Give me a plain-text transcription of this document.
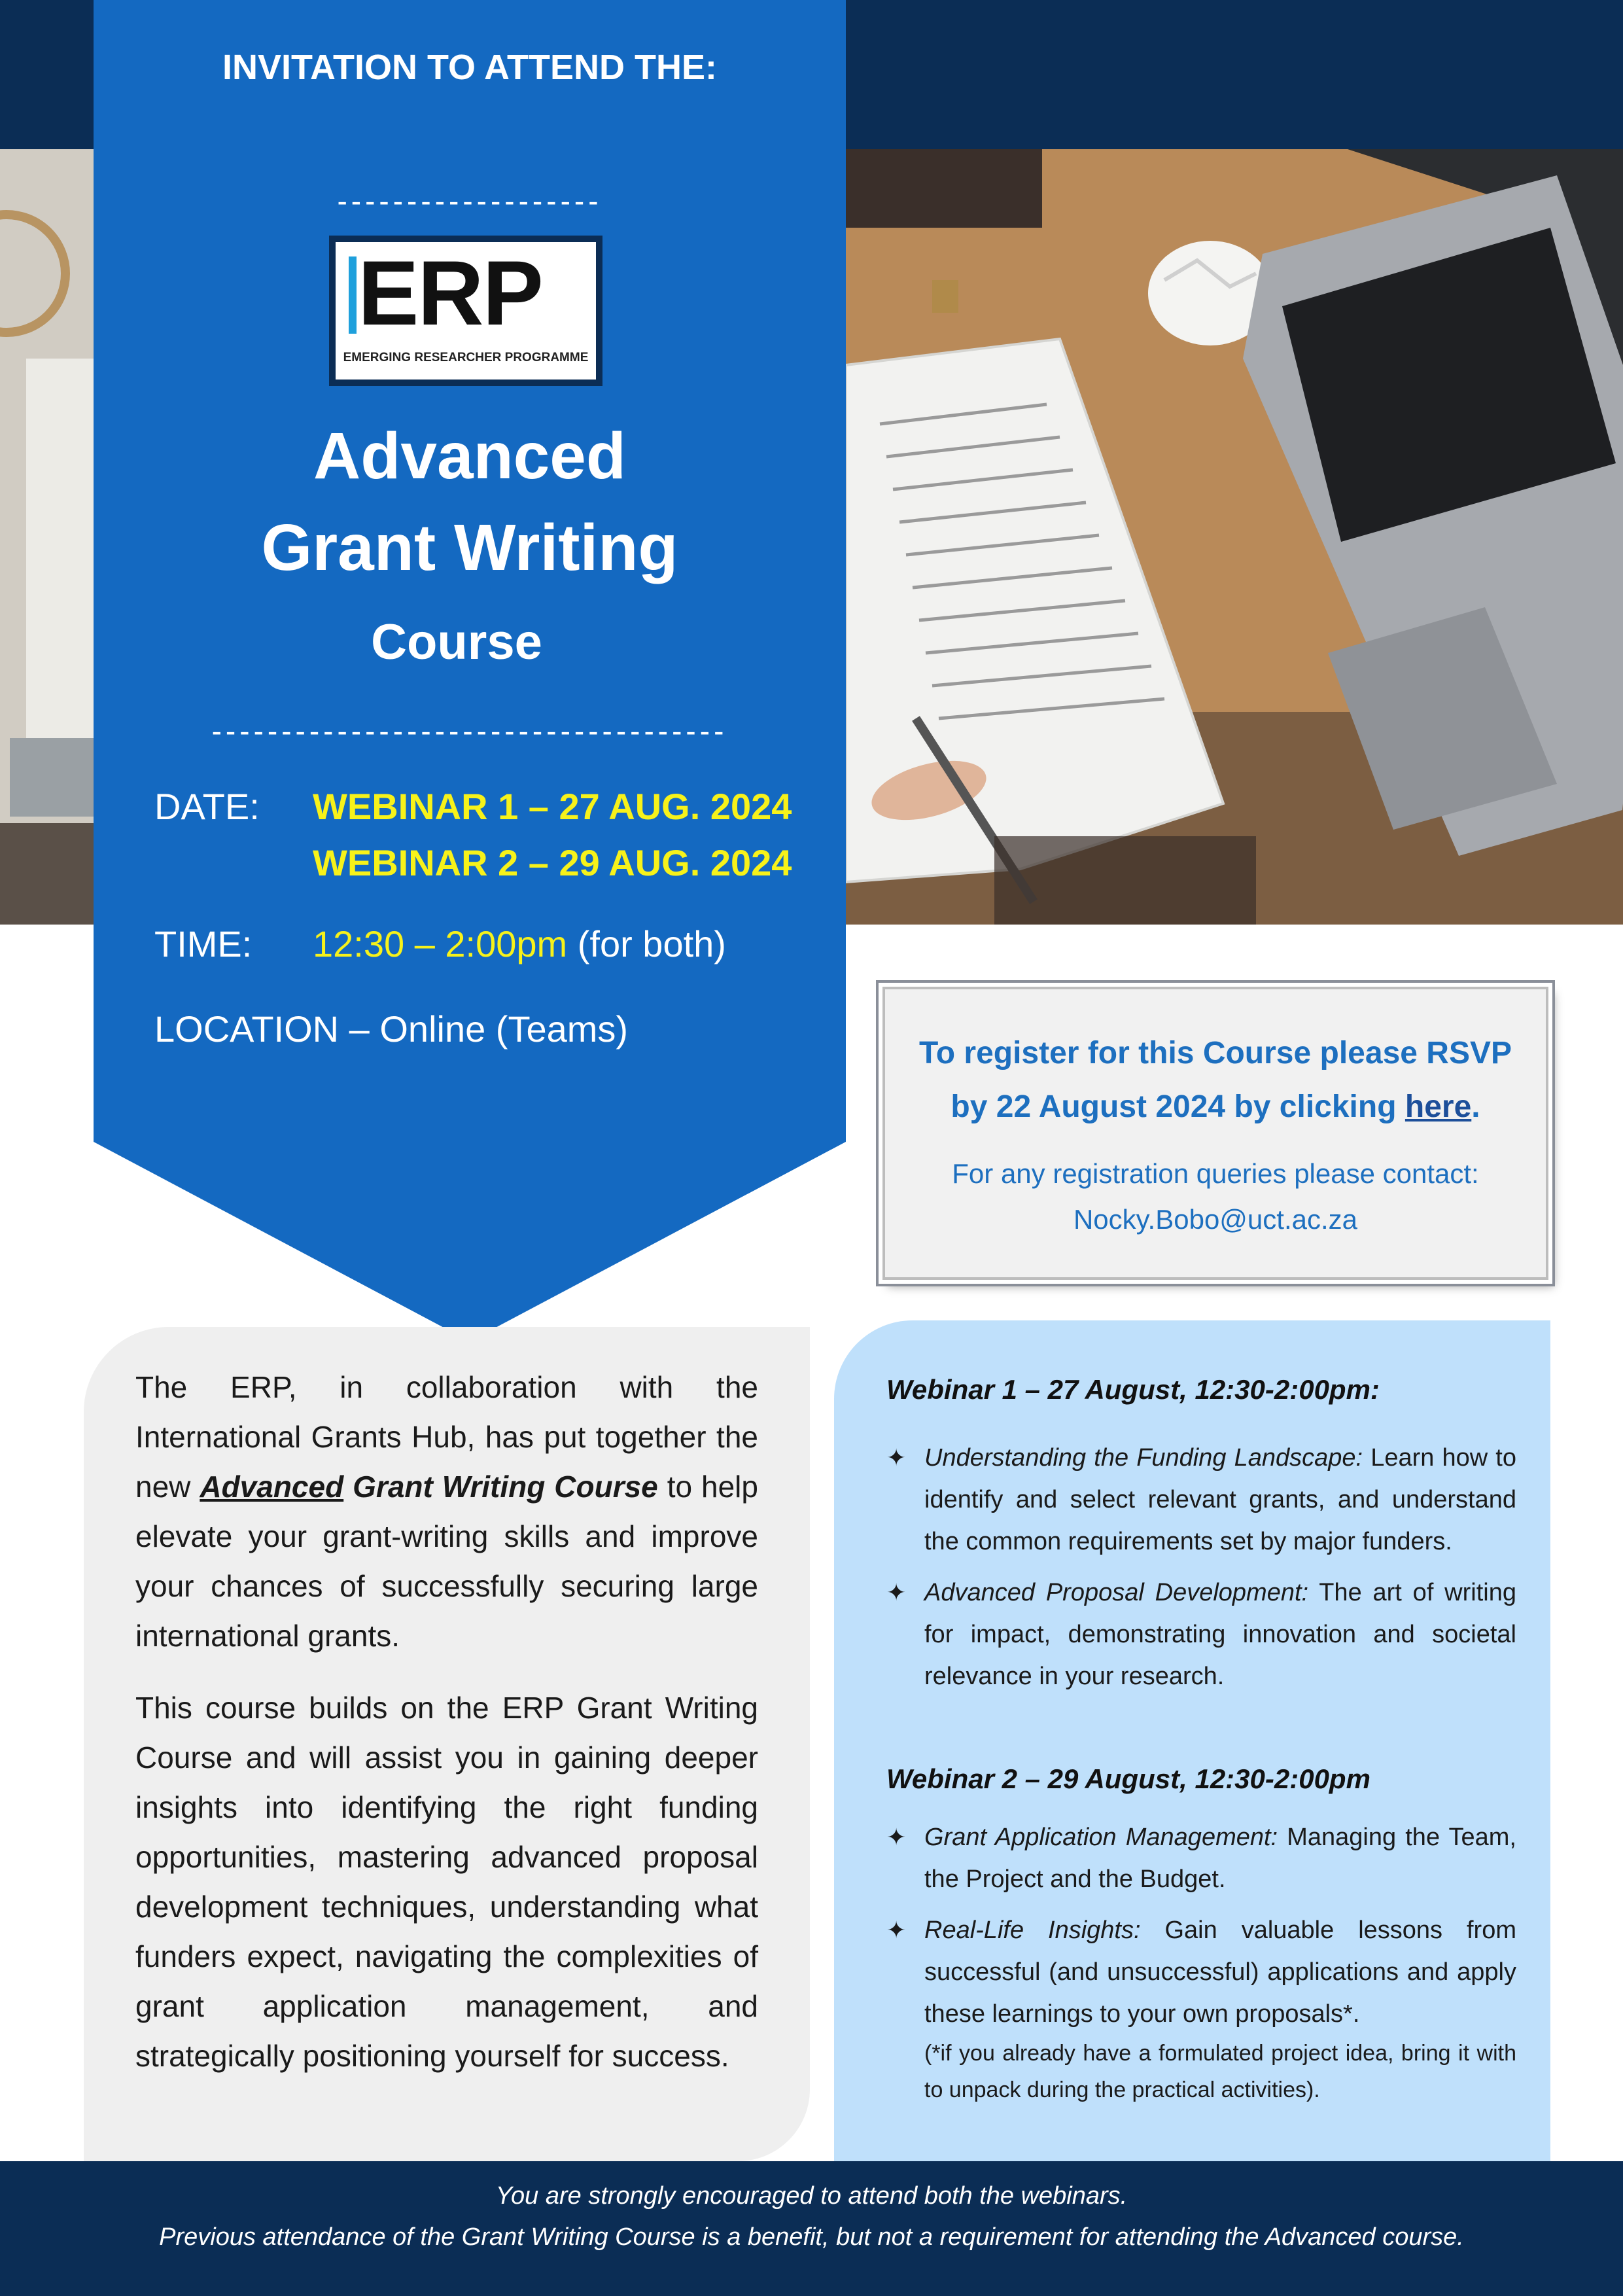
INVITATION TO ATTEND THE:
-------------------
ERP
EMERGING RESEARCHER PROGRAMME
Advanced
Grant Writing
Course
-------------------------------------
DATE: WEBINAR 1 – 27 AUG. 2024
WEBINAR 2 – 29 AUG. 2024
TIME: 12:30 – 2:00pm (for both)
LOCATION – Online (Teams)
To register for this Course please RSVP
by 22 August 2024 by clicking here.
For any registration queries please contact:
Nocky.Bobo@uct.ac.za
The ERP, in collaboration with the International Grants Hub, has put together the new Advanced Grant Writing Course to help elevate your grant-writing skills and improve your chances of successfully securing large international grants.
This course builds on the ERP Grant Writing Course and will assist you in gaining deeper insights into identifying the right funding opportunities, mastering advanced proposal development techniques, understanding what funders expect, navigating the complexities of grant application management, and strategically positioning yourself for success.
Webinar 1 – 27 August, 12:30-2:00pm:
✦ Understanding the Funding Landscape: Learn how to identify and select relevant grants, and understand the common requirements set by major funders.
✦ Advanced Proposal Development: The art of writing for impact, demonstrating innovation and societal relevance in your research.
Webinar 2 – 29 August, 12:30-2:00pm
✦ Grant Application Management: Managing the Team, the Project and the Budget.
✦ Real-Life Insights: Gain valuable lessons from successful (and unsuccessful) applications and apply these learnings to your own proposals*.
(*if you already have a formulated project idea, bring it with to unpack during the practical activities).
You are strongly encouraged to attend both the webinars.
Previous attendance of the Grant Writing Course is a benefit, but not a requirement for attending the Advanced course.
